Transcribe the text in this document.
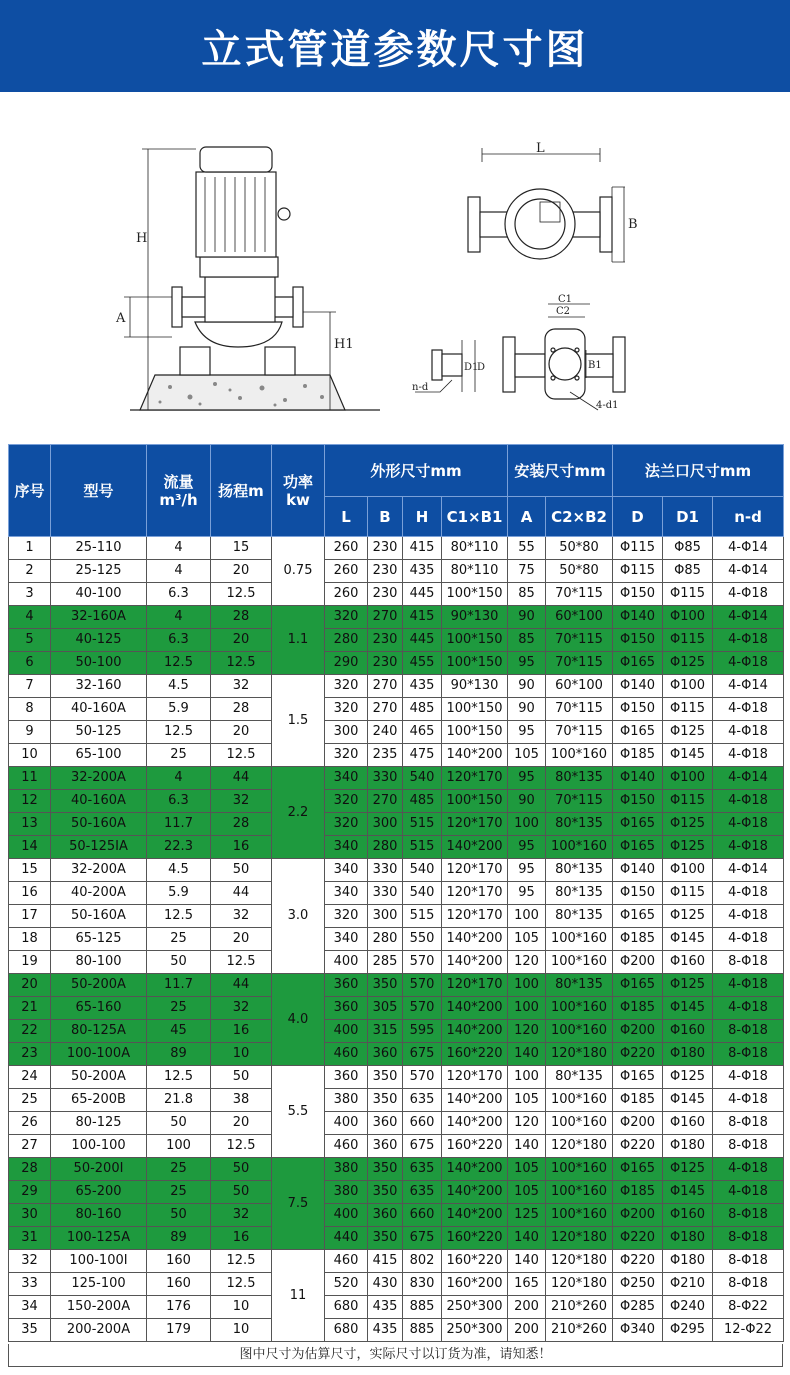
立式管道参数尺寸图
H
A
H1
L
B
C1
C2
D1
D	B1
n-d
4-d1
序号	型号	流量
m³/h	扬程m	功率
kw	外形尺寸mm				安装尺寸mm		法兰口尺寸mm		
					L	B	H	C1×B1	A	C2×B2	D	D1	n-d
1	25-110	4	15	0.75	260	230	415	80*110	55	50*80	Φ115	Φ85	4-Φ14
2	25-125	4	20		260	230	435	80*110	75	50*80	Φ115	Φ85	4-Φ14
3	40-100	6.3	12.5		260	230	445	100*150	85	70*115	Φ150	Φ115	4-Φ18
4	32-160A	4	28	1.1	320	270	415	90*130	90	60*100	Φ140	Φ100	4-Φ14
5	40-125	6.3	20		280	230	445	100*150	85	70*115	Φ150	Φ115	4-Φ18
6	50-100	12.5	12.5		290	230	455	100*150	95	70*115	Φ165	Φ125	4-Φ18
7	32-160	4.5	32	1.5	320	270	435	90*130	90	60*100	Φ140	Φ100	4-Φ14
8	40-160A	5.9	28		320	270	485	100*150	90	70*115	Φ150	Φ115	4-Φ18
9	50-125	12.5	20		300	240	465	100*150	95	70*115	Φ165	Φ125	4-Φ18
10	65-100	25	12.5		320	235	475	140*200	105	100*160	Φ185	Φ145	4-Φ18
11	32-200A	4	44	2.2	340	330	540	120*170	95	80*135	Φ140	Φ100	4-Φ14
12	40-160A	6.3	32		320	270	485	100*150	90	70*115	Φ150	Φ115	4-Φ18
13	50-160A	11.7	28		320	300	515	120*170	100	80*135	Φ165	Φ125	4-Φ18
14	50-125IA	22.3	16		340	280	515	140*200	95	100*160	Φ165	Φ125	4-Φ18
15	32-200A	4.5	50	3.0	340	330	540	120*170	95	80*135	Φ140	Φ100	4-Φ14
16	40-200A	5.9	44		340	330	540	120*170	95	80*135	Φ150	Φ115	4-Φ18
17	50-160A	12.5	32		320	300	515	120*170	100	80*135	Φ165	Φ125	4-Φ18
18	65-125	25	20		340	280	550	140*200	105	100*160	Φ185	Φ145	4-Φ18
19	80-100	50	12.5		400	285	570	140*200	120	100*160	Φ200	Φ160	8-Φ18
20	50-200A	11.7	44	4.0	360	350	570	120*170	100	80*135	Φ165	Φ125	4-Φ18
21	65-160	25	32		360	305	570	140*200	100	100*160	Φ185	Φ145	4-Φ18
22	80-125A	45	16		400	315	595	140*200	120	100*160	Φ200	Φ160	8-Φ18
23	100-100A	89	10		460	360	675	160*220	140	120*180	Φ220	Φ180	8-Φ18
24	50-200A	12.5	50	5.5	360	350	570	120*170	100	80*135	Φ165	Φ125	4-Φ18
25	65-200B	21.8	38		380	350	635	140*200	105	100*160	Φ185	Φ145	4-Φ18
26	80-125	50	20		400	360	660	140*200	120	100*160	Φ200	Φ160	8-Φ18
27	100-100	100	12.5		460	360	675	160*220	140	120*180	Φ220	Φ180	8-Φ18
28	50-200I	25	50	7.5	380	350	635	140*200	105	100*160	Φ165	Φ125	4-Φ18
29	65-200	25	50		380	350	635	140*200	105	100*160	Φ185	Φ145	4-Φ18
30	80-160	50	32		400	360	660	140*200	125	100*160	Φ200	Φ160	8-Φ18
31	100-125A	89	16		440	350	675	160*220	140	120*180	Φ220	Φ180	8-Φ18
32	100-100I	160	12.5	11	460	415	802	160*220	140	120*180	Φ220	Φ180	8-Φ18
33	125-100	160	12.5		520	430	830	160*200	165	120*180	Φ250	Φ210	8-Φ18
34	150-200A	176	10		680	435	885	250*300	200	210*260	Φ285	Φ240	8-Φ22
35	200-200A	179	10		680	435	885	250*300	200	210*260	Φ340	Φ295	12-Φ22
图中尺寸为估算尺寸，实际尺寸以订货为准，请知悉！
